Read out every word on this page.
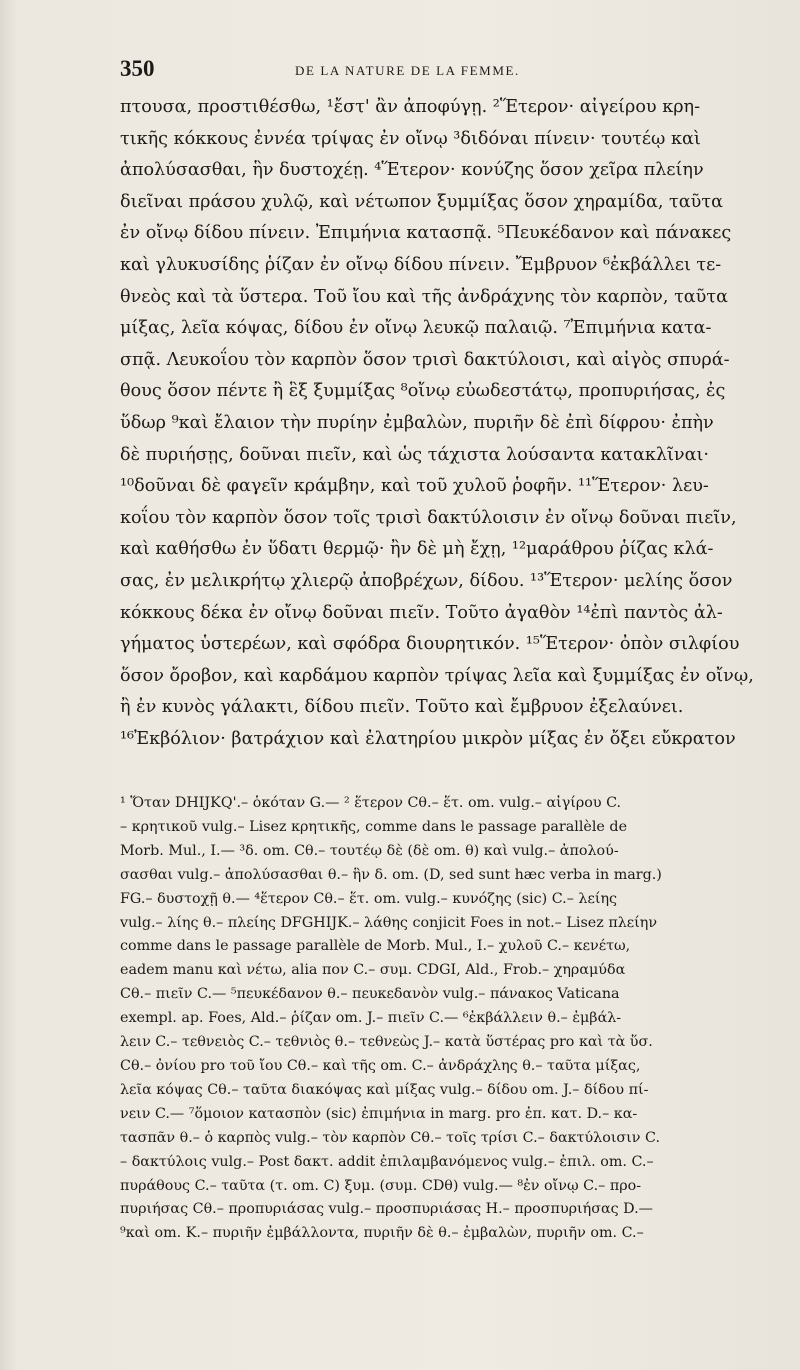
350	DE LA NATURE DE LA FEMME.
πτουσα, προστιθέσθω, ¹ἔστ' ἂν ἀποφύγῃ. ²Ἕτερον· αἰγείρου κρη-
τικῆς κόκκους ἐννέα τρίψας ἐν οἴνῳ ³διδόναι πίνειν· τουτέῳ καὶ
ἀπολύσασθαι, ἣν δυστοχέῃ. ⁴Ἕτερον· κονύζης ὅσον χεῖρα πλείην
διεῖναι πράσου χυλῷ, καὶ νέτωπον ξυμμίξας ὅσον χηραμίδα, ταῦτα
ἐν οἴνῳ δίδου πίνειν. Ἐπιμήνια κατασπᾷ. ⁵Πευκέδανον καὶ πάνακες
καὶ γλυκυσίδης ῥίζαν ἐν οἴνῳ δίδου πίνειν. Ἔμβρυον ⁶ἐκβάλλει τε-
θνεὸς καὶ τὰ ὕστερα. Τοῦ ἴου καὶ τῆς ἀνδράχνης τὸν καρπὸν, ταῦτα
μίξας, λεῖα κόψας, δίδου ἐν οἴνῳ λευκῷ παλαιῷ. ⁷Ἐπιμήνια κατα-
σπᾷ. Λευκοΐου τὸν καρπὸν ὅσον τρισὶ δακτύλοισι, καὶ αἰγὸς σπυρά-
θους ὅσον πέντε ἢ ἓξ ξυμμίξας ⁸οἴνῳ εὐωδεστάτῳ, προπυριήσας, ἐς
ὕδωρ ⁹καὶ ἔλαιον τὴν πυρίην ἐμβαλὼν, πυριῆν δὲ ἐπὶ δίφρου· ἐπὴν
δὲ πυριήσῃς, δοῦναι πιεῖν, καὶ ὡς τάχιστα λούσαντα κατακλῖναι·
¹⁰δοῦναι δὲ φαγεῖν κράμβην, καὶ τοῦ χυλοῦ ῥοφῆν. ¹¹Ἕτερον· λευ-
κοΐου τὸν καρπὸν ὅσον τοῖς τρισὶ δακτύλοισιν ἐν οἴνῳ δοῦναι πιεῖν,
καὶ καθήσθω ἐν ὕδατι θερμῷ· ἢν δὲ μὴ ἔχῃ, ¹²μαράθρου ῥίζας κλά-
σας, ἐν μελικρήτῳ χλιερῷ ἀποβρέχων, δίδου. ¹³Ἕτερον· μελίης ὅσον
κόκκους δέκα ἐν οἴνῳ δοῦναι πιεῖν. Τοῦτο ἀγαθὸν ¹⁴ἐπὶ παντὸς ἀλ-
γήματος ὑστερέων, καὶ σφόδρα διουρητικόν. ¹⁵Ἕτερον· ὀπὸν σιλφίου
ὅσον ὄροβον, καὶ καρδάμου καρπὸν τρίψας λεῖα καὶ ξυμμίξας ἐν οἴνῳ,
ἢ ἐν κυνὸς γάλακτι, δίδου πιεῖν. Τοῦτο καὶ ἔμβρυον ἐξελαύνει.
¹⁶Ἐκβόλιον· βατράχιον καὶ ἐλατηρίου μικρὸν μίξας ἐν ὄξει εὔκρατον
¹ Ὅταν DHIJKQ'.– ὁκόταν G.— ² ἕτερον Cθ.– ἕτ. om. vulg.– αἰγίρου C.
– κρητικοῦ vulg.– Lisez κρητικῆς, comme dans le passage parallèle de
Morb. Mul., I.— ³δ. om. Cθ.– τουτέῳ δὲ (δὲ om. θ) καὶ vulg.– ἀπολού-
σασθαι vulg.– ἀπολύσασθαι θ.– ἣν δ. om. (D, sed sunt hæc verba in marg.)
FG.– δυστοχῇ θ.— ⁴ἕτερον Cθ.– ἕτ. om. vulg.– κυνόζης (sic) C.– λείης
vulg.– λίης θ.– πλείης DFGHIJK.– λάθης conjicit Foes in not.– Lisez πλείην
comme dans le passage parallèle de Morb. Mul., I.– χυλοῦ C.– κενέτω,
eadem manu καὶ νέτω, alia πον C.– συμ. CDGI, Ald., Frob.– χηραμύδα
Cθ.– πιεῖν C.— ⁵πευκέδανον θ.– πευκεδανὸν vulg.– πάνακος Vaticana
exempl. ap. Foes, Ald.– ῥίζαν om. J.– πιεῖν C.— ⁶ἐκβάλλειν θ.– ἐμβάλ-
λειν C.– τεθνειὸς C.– τεθνιὸς θ.– τεθνεὼς J.– κατὰ ὕστέρας pro καὶ τὰ ὕσ.
Cθ.– ὀνίου pro τοῦ ἴου Cθ.– καὶ τῆς om. C.– ἀνδράχλης θ.– ταῦτα μίξας,
λεῖα κόψας Cθ.– ταῦτα διακόψας καὶ μίξας vulg.– δίδου om. J.– δίδου πί-
νειν C.— ⁷ὅμοιον κατασπὸν (sic) ἐπιμήνια in marg. pro ἐπ. κατ. D.– κα-
τασπᾶν θ.– ὁ καρπὸς vulg.– τὸν καρπὸν Cθ.– τοῖς τρίσι C.– δακτύλοισιν C.
– δακτύλοις vulg.– Post δακτ. addit ἐπιλαμβανόμενος vulg.– ἐπιλ. om. C.–
πυράθους C.– ταῦτα (τ. om. C) ξυμ. (συμ. CDθ) vulg.— ⁸ἐν οἴνῳ C.– προ-
πυριήσας Cθ.– προπυριάσας vulg.– προσπυριάσας H.– προσπυριήσας D.—
⁹καὶ om. K.– πυριῆν ἐμβάλλοντα, πυριῆν δὲ θ.– ἐμβαλὼν, πυριῆν om. C.–
